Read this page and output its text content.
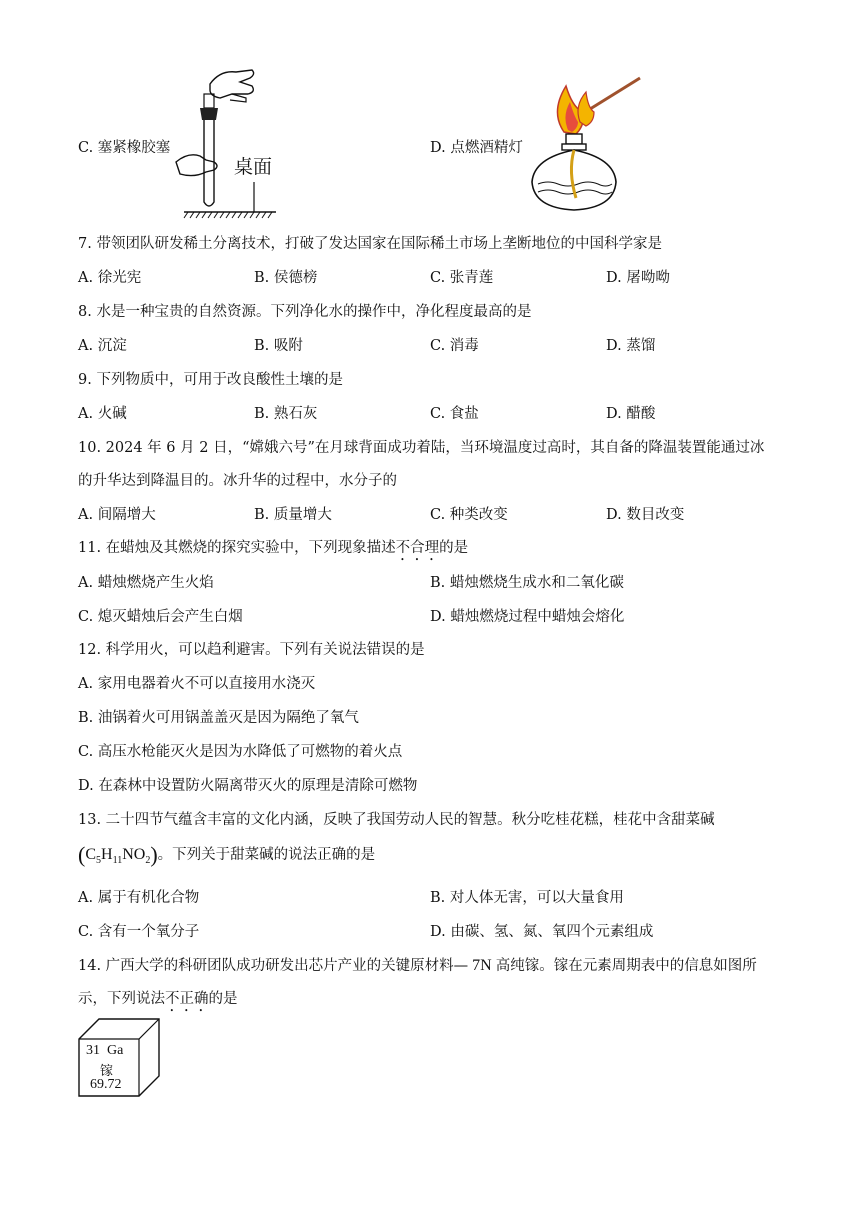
C. 塞紧橡胶塞	D. 点燃酒精灯
桌面
7. 带领团队研发稀土分离技术，打破了发达国家在国际稀土市场上垄断地位的中国科学家是
A. 徐光宪	B. 侯德榜	C. 张青莲	D. 屠呦呦
8. 水是一种宝贵的自然资源。下列净化水的操作中，净化程度最高的是
A. 沉淀	B. 吸附	C. 消毒	D. 蒸馏
9. 下列物质中，可用于改良酸性土壤的是
A. 火碱	B. 熟石灰	C. 食盐	D. 醋酸
10. 2024 年 6 月 2 日，“嫦娥六号”在月球背面成功着陆，当环境温度过高时，其自备的降温装置能通过冰
的升华达到降温目的。冰升华的过程中，水分子的
A. 间隔增大	B. 质量增大	C. 种类改变	D. 数目改变
11. 在蜡烛及其燃烧的探究实验中，下列现象描述不合理的是
A. 蜡烛燃烧产生火焰	B. 蜡烛燃烧生成水和二氧化碳
C. 熄灭蜡烛后会产生白烟	D. 蜡烛燃烧过程中蜡烛会熔化
12. 科学用火，可以趋利避害。下列有关说法错误的是
A. 家用电器着火不可以直接用水浇灭
B. 油锅着火可用锅盖盖灭是因为隔绝了氧气
C. 高压水枪能灭火是因为水降低了可燃物的着火点
D. 在森林中设置防火隔离带灭火的原理是清除可燃物
13. 二十四节气蕴含丰富的文化内涵，反映了我国劳动人民的智慧。秋分吃桂花糕，桂花中含甜菜碱
$(C_5H_{11}NO_2)$。下列关于甜菜碱的说法正确的是
A. 属于有机化合物	B. 对人体无害，可以大量食用
C. 含有一个氧分子	D. 由碳、氢、氮、氧四个元素组成
14. 广西大学的科研团队成功研发出芯片产业的关键原材料— 7N 高纯镓。镓在元素周期表中的信息如图所
示，下列说法不正确的是
31 Ga
镓
69.72
